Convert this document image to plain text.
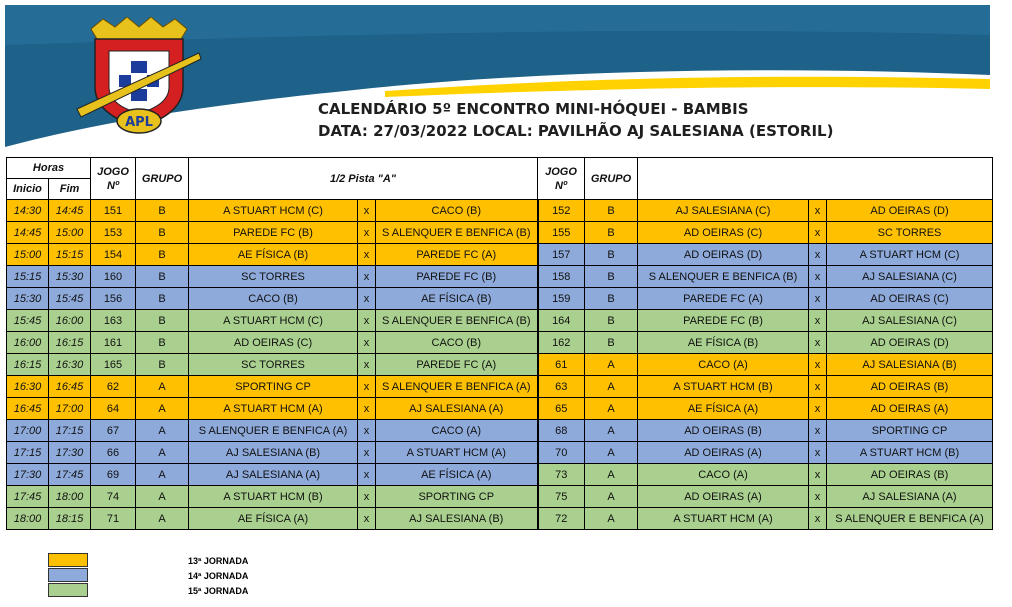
APL
CALENDÁRIO 5º ENCONTRO MINI-HÓQUEI - BAMBIS
DATA: 27/03/2022 LOCAL: PAVILHÃO AJ SALESIANA (ESTORIL)
Horas		JOGO Nº	GRUPO	1/2 Pista "A"			JOGO Nº	GRUPO	1/2 Pista "B"		
Inicio	Fim										
14:30	14:45	151	B	A STUART HCM (C)	x	CACO (B)	152	B	AJ SALESIANA (C)	x	AD OEIRAS (D)
14:45	15:00	153	B	PAREDE FC (B)	x	S ALENQUER E BENFICA (B)	155	B	AD OEIRAS (C)	x	SC TORRES
15:00	15:15	154	B	AE FÍSICA (B)	x	PAREDE FC (A)	157	B	AD OEIRAS (D)	x	A STUART HCM (C)
15:15	15:30	160	B	SC TORRES	x	PAREDE FC (B)	158	B	S ALENQUER E BENFICA (B)	x	AJ SALESIANA (C)
15:30	15:45	156	B	CACO (B)	x	AE FÍSICA (B)	159	B	PAREDE FC (A)	x	AD OEIRAS (C)
15:45	16:00	163	B	A STUART HCM (C)	x	S ALENQUER E BENFICA (B)	164	B	PAREDE FC (B)	x	AJ SALESIANA (C)
16:00	16:15	161	B	AD OEIRAS (C)	x	CACO (B)	162	B	AE FÍSICA (B)	x	AD OEIRAS (D)
16:15	16:30	165	B	SC TORRES	x	PAREDE FC (A)	61	A	CACO (A)	x	AJ SALESIANA (B)
16:30	16:45	62	A	SPORTING CP	x	S ALENQUER E BENFICA (A)	63	A	A STUART HCM (B)	x	AD OEIRAS (B)
16:45	17:00	64	A	A STUART HCM (A)	x	AJ SALESIANA (A)	65	A	AE FÍSICA (A)	x	AD OEIRAS (A)
17:00	17:15	67	A	S ALENQUER E BENFICA (A)	x	CACO (A)	68	A	AD OEIRAS (B)	x	SPORTING CP
17:15	17:30	66	A	AJ SALESIANA (B)	x	A STUART HCM (A)	70	A	AD OEIRAS (A)	x	A STUART HCM (B)
17:30	17:45	69	A	AJ SALESIANA (A)	x	AE FÍSICA (A)	73	A	CACO (A)	x	AD OEIRAS (B)
17:45	18:00	74	A	A STUART HCM (B)	x	SPORTING CP	75	A	AD OEIRAS (A)	x	AJ SALESIANA (A)
18:00	18:15	71	A	AE FÍSICA (A)	x	AJ SALESIANA (B)	72	A	A STUART HCM (A)	x	S ALENQUER E BENFICA (A)
13ª JORNADA
14ª JORNADA
15ª JORNADA
